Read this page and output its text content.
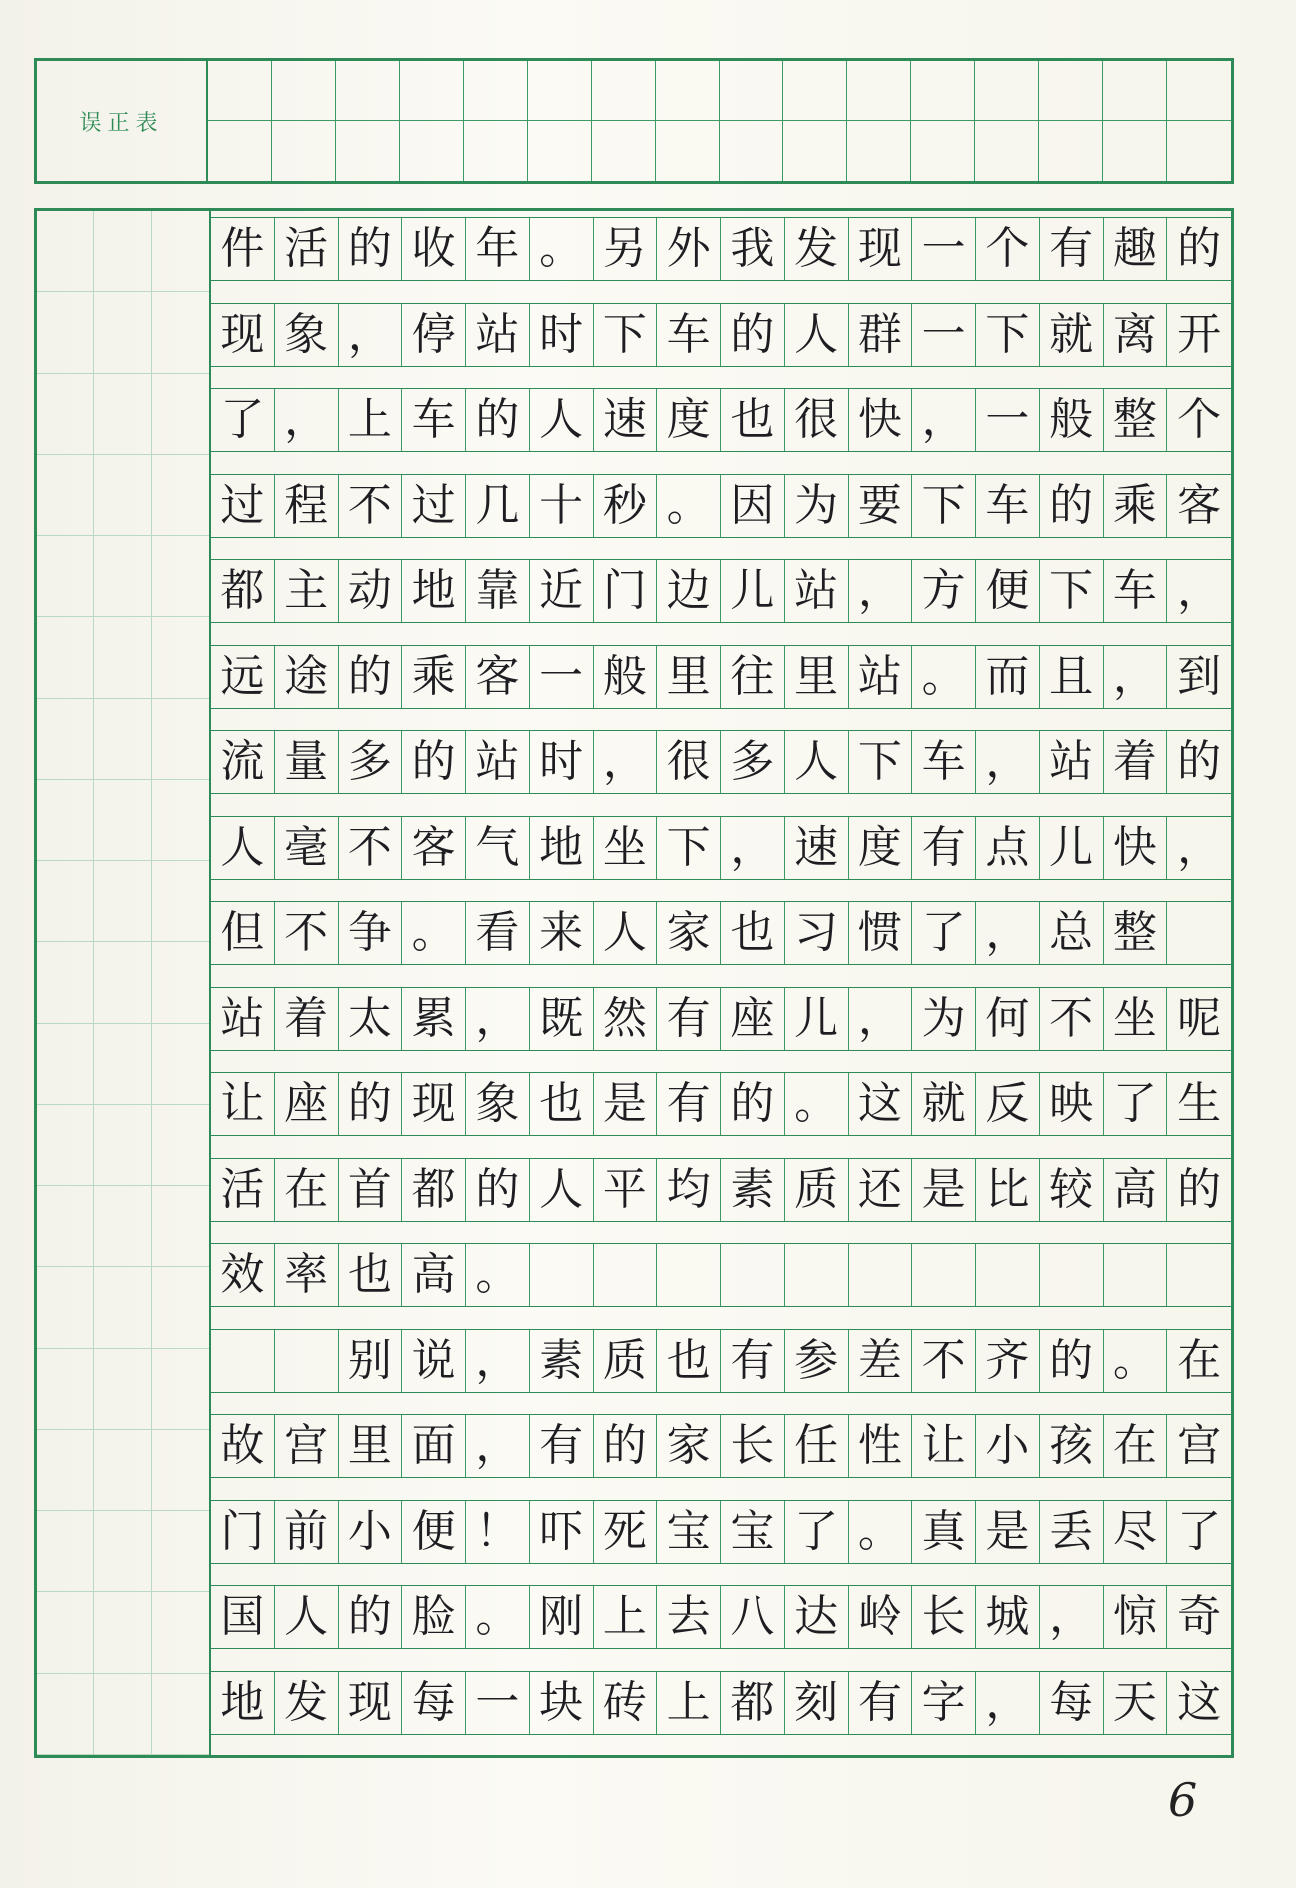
误正表
件 活 的 收 年 。 另 外 我 发 现 一 个 有 趣 的
现 象 ， 停 站 时 下 车 的 人 群 一 下 就 离 开
了 ， 上 车 的 人 速 度 也 很 快 ， 一 般 整 个
过 程 不 过 几 十 秒 。 因 为 要 下 车 的 乘 客
都 主 动 地 靠 近 门 边 儿 站 ， 方 便 下 车 ，
远 途 的 乘 客 一 般 里 往 里 站 。 而 且 ， 到
流 量 多 的 站 时 ， 很 多 人 下 车 ， 站 着 的
人 毫 不 客 气 地 坐 下 ， 速 度 有 点 儿 快 ，
但 不 争 。 看 来 人 家 也 习 惯 了 ， 总 整
站 着 太 累 ， 既 然 有 座 儿 ， 为 何 不 坐 呢
让 座 的 现 象 也 是 有 的 。 这 就 反 映 了 生
活 在 首 都 的 人 平 均 素 质 还 是 比 较 高 的
效 率 也 高 。

别 说 ， 素 质 也 有 参 差 不 齐 的 。 在
故 宫 里 面 ， 有 的 家 长 任 性 让 小 孩 在 宫
门 前 小 便 ！ 吓 死 宝 宝 了 。 真 是 丢 尽 了
国 人 的 脸 。 刚 上 去 八 达 岭 长 城 ， 惊 奇
地 发 现 每 一 块 砖 上 都 刻 有 字 ， 每 天 这
6
